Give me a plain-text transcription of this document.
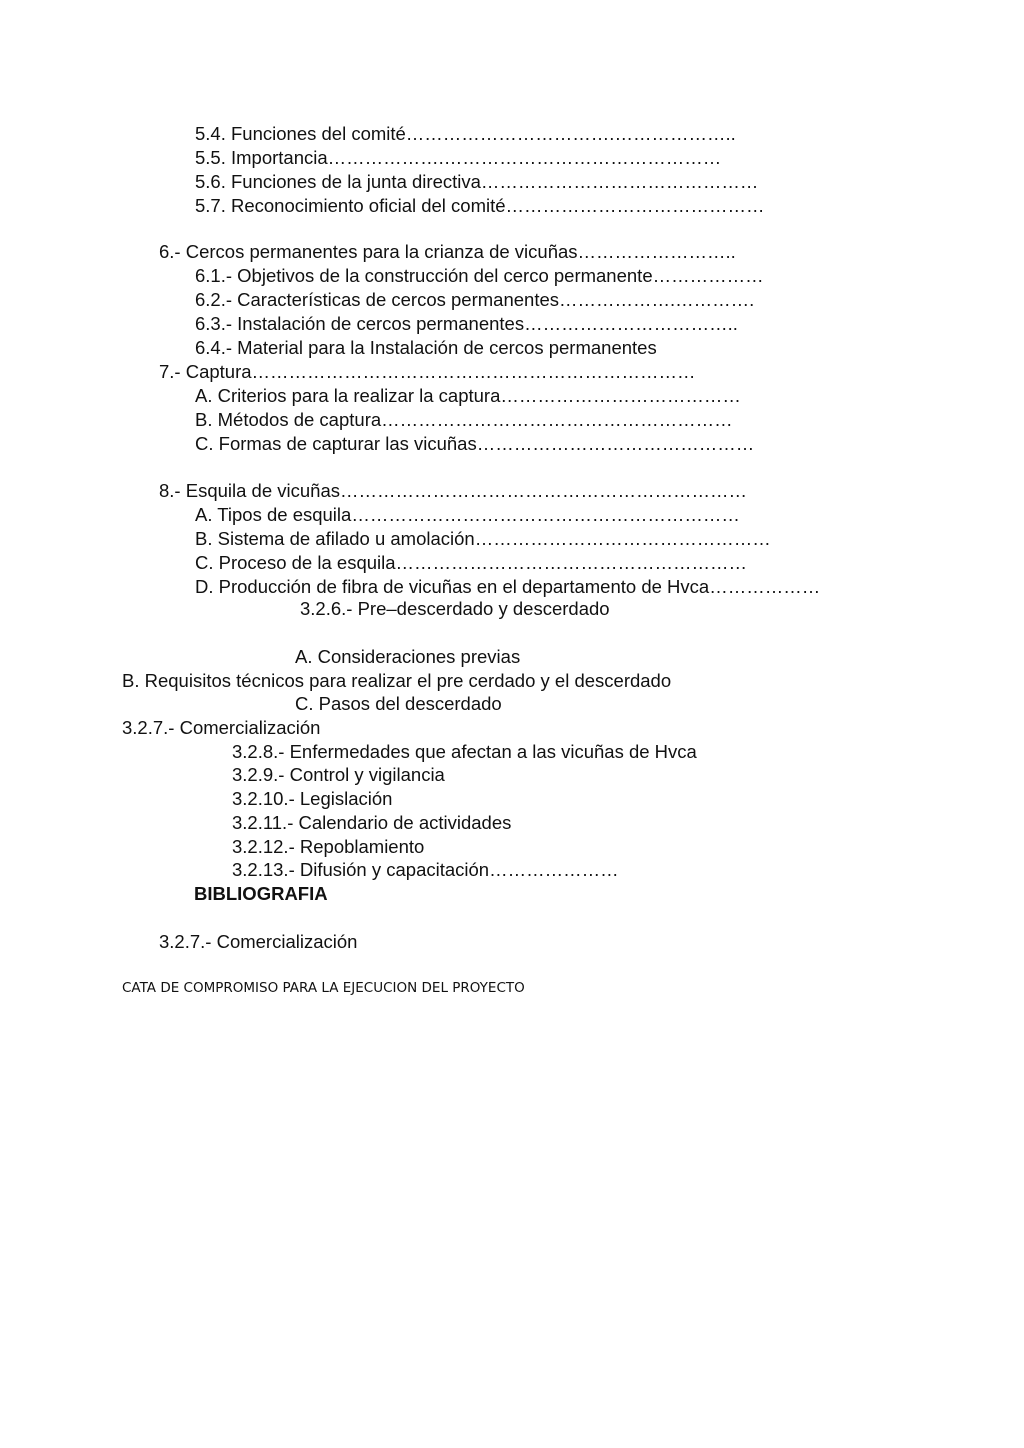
5.4. Funciones del comité…………………………….………………..
5.5. Importancia……………….………………………………………
5.6. Funciones de la junta directiva………………………………………
5.7. Reconocimiento oficial del comité……………………………………
6.- Cercos permanentes para la crianza de vicuñas……………………..
6.1.- Objetivos de la construcción del cerco permanente………………
6.2.- Características de cercos permanentes……………….………….
6.3.- Instalación de cercos permanentes……………………………..
6.4.- Material para la Instalación de cercos permanentes
7.- Captura………………………………………………………………
A. Criterios para la realizar la captura…………………………………
B. Métodos de captura…………………………………………………
C. Formas de capturar las vicuñas………………………………………
8.- Esquila de vicuñas…………………………………………………………
A. Tipos de esquila………………………………………………………
B. Sistema de afilado u amolación…………………………………………
C. Proceso de la esquila…………………………………………………
D. Producción de fibra de vicuñas en el departamento de Hvca………………
3.2.6.- Pre–descerdado y descerdado
A. Consideraciones previas
B. Requisitos técnicos para realizar el pre cerdado y el descerdado
C. Pasos del descerdado
3.2.7.- Comercialización
3.2.8.- Enfermedades que afectan a las vicuñas de Hvca
3.2.9.- Control y vigilancia
3.2.10.- Legislación
3.2.11.- Calendario de actividades
3.2.12.- Repoblamiento
3.2.13.- Difusión y capacitación…………………
BIBLIOGRAFIA
3.2.7.- Comercialización
CATA DE COMPROMISO PARA LA EJECUCION DEL PROYECTO
